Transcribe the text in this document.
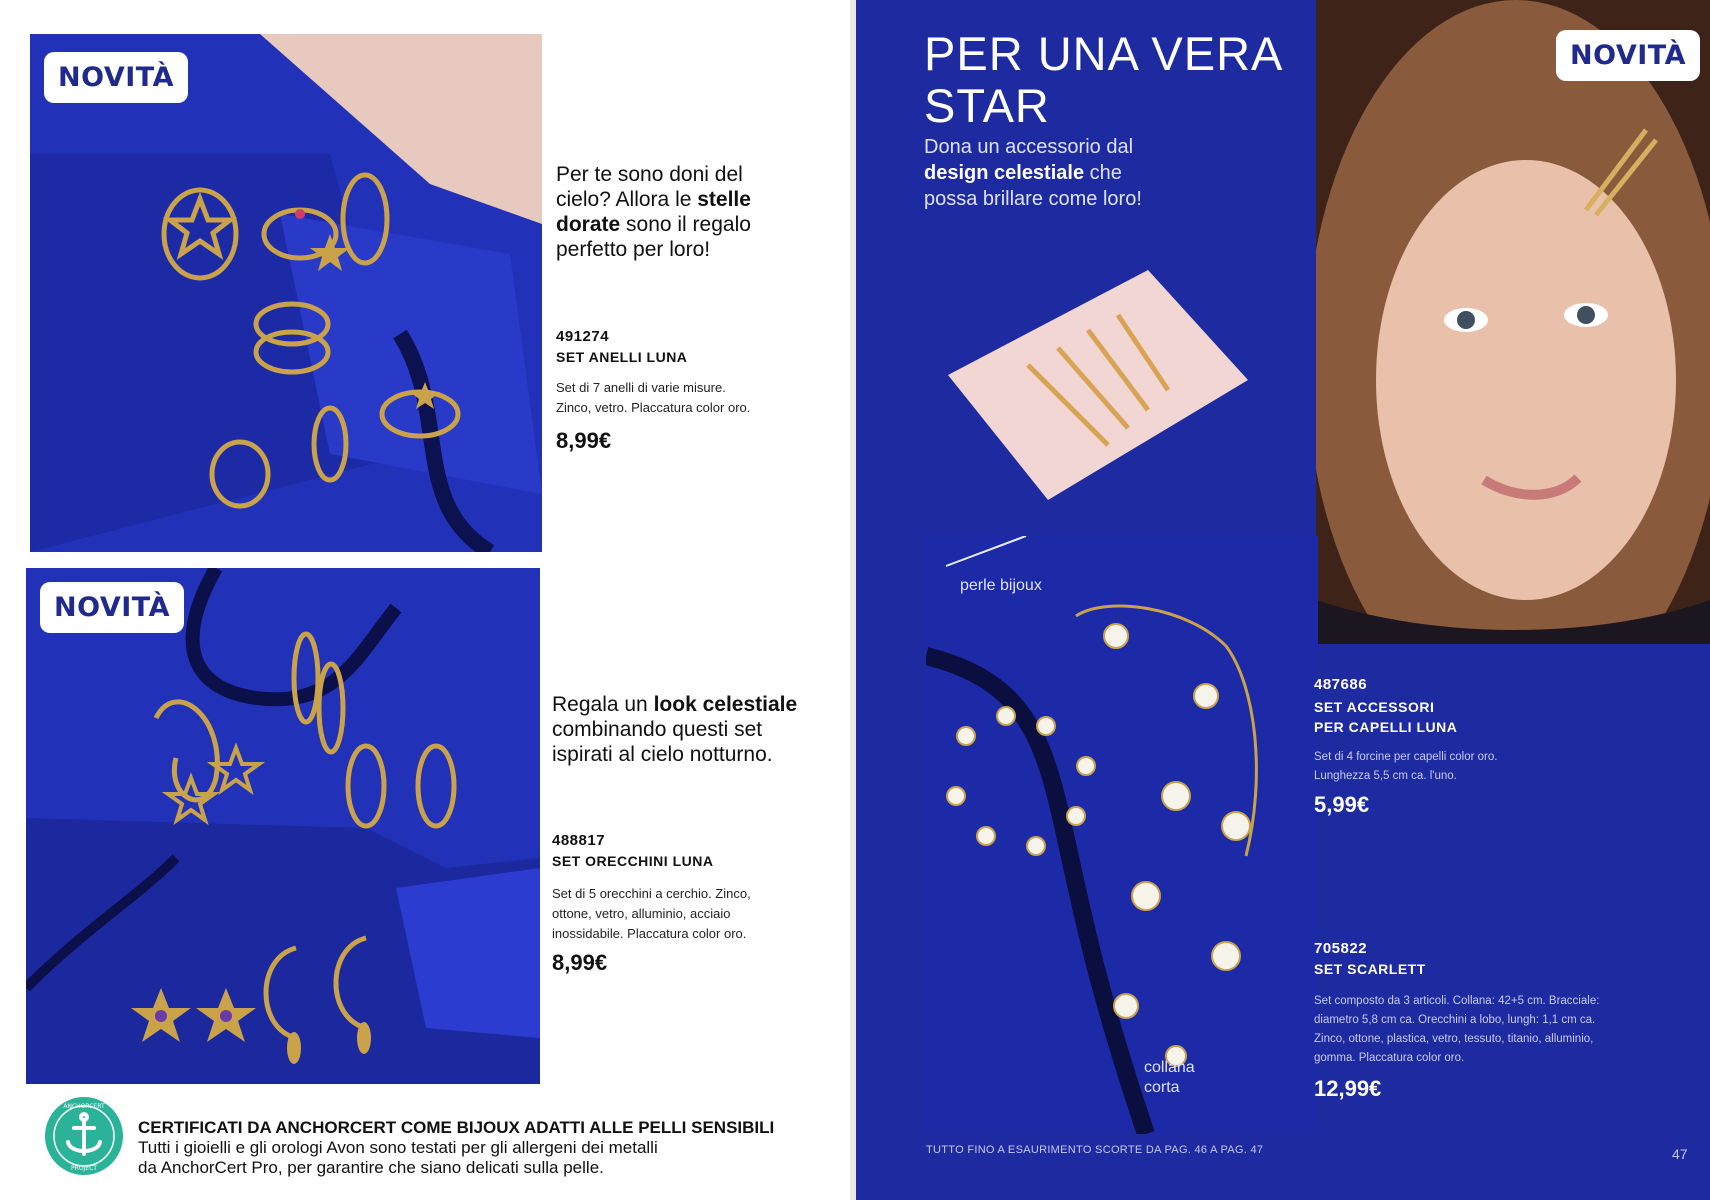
NOVITÀ
NOVITÀ
Per te sono doni del cielo? Allora le stelle dorate sono il regalo perfetto per loro!
491274
SET ANELLI LUNA
Set di 7 anelli di varie misure.
Zinco, vetro. Placcatura color oro.
8,99€
Regala un look celestiale combinando questi set ispirati al cielo notturno.
488817
SET ORECCHINI LUNA
Set di 5 orecchini a cerchio. Zinco,
ottone, vetro, alluminio, acciaio
inossidabile. Placcatura color oro.
8,99€
ANCHORCERT
PROJECT
CERTIFICATI DA ANCHORCERT COME BIJOUX ADATTI ALLE PELLI SENSIBILI
Tutti i gioielli e gli orologi Avon sono testati per gli allergeni dei metalli
da AnchorCert Pro, per garantire che siano delicati sulla pelle.
NOVITÀ
PER UNA VERA
STAR
Dona un accessorio dal
design celestiale che
possa brillare come loro!
perle bijoux
collana
corta
487686
SET ACCESSORI
PER CAPELLI LUNA
Set di 4 forcine per capelli color oro.
Lunghezza 5,5 cm ca. l'uno.
5,99€
705822
SET SCARLETT
Set composto da 3 articoli. Collana: 42+5 cm. Bracciale:
diametro 5,8 cm ca. Orecchini a lobo, lungh: 1,1 cm ca.
Zinco, ottone, plastica, vetro, tessuto, titanio, alluminio,
gomma. Placcatura color oro.
12,99€
TUTTO FINO A ESAURIMENTO SCORTE DA PAG. 46 A PAG. 47	47
